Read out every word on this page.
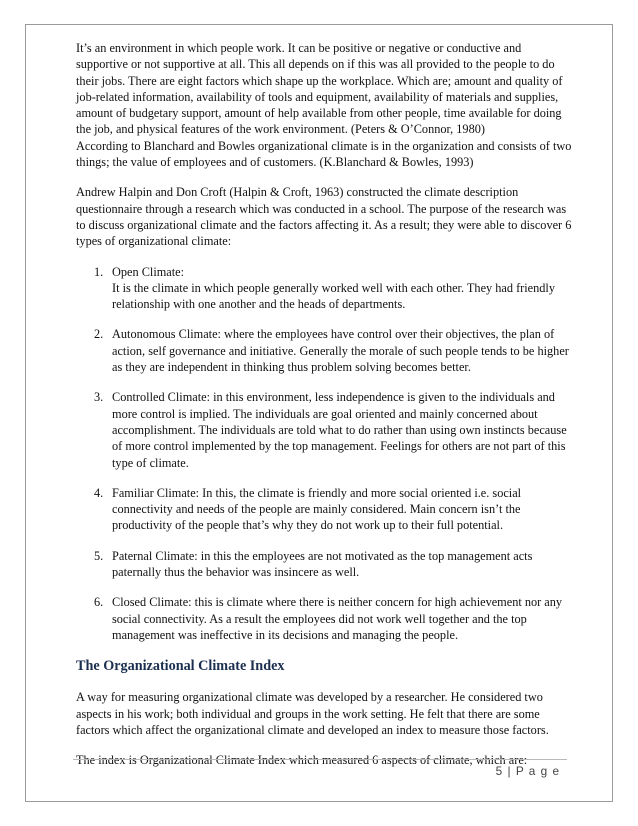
It’s an environment in which people work. It can be positive or negative or conductive and supportive or not supportive at all. This all depends on if this was all provided to the people to do their jobs. There are eight factors which shape up the workplace. Which are; amount and quality of job-related information, availability of tools and equipment, availability of materials and supplies, amount of budgetary support, amount of help available from other people, time available for doing the job, and physical features of the work environment. (Peters & O’Connor, 1980)

According to Blanchard and Bowles organizational climate is in the organization and consists of two things; the value of employees and of customers. (K.Blanchard & Bowles, 1993)

Andrew Halpin and Don Croft (Halpin & Croft, 1963) constructed the climate description questionnaire through a research which was conducted in a school. The purpose of the research was to discuss organizational climate and the factors affecting it. As a result; they were able to discover 6 types of organizational climate:

1. Open Climate:
It is the climate in which people generally worked well with each other. They had friendly relationship with one another and the heads of departments.
2. Autonomous Climate: where the employees have control over their objectives, the plan of action, self governance and initiative. Generally the morale of such people tends to be higher as they are independent in thinking thus problem solving becomes better.
3. Controlled Climate: in this environment, less independence is given to the individuals and more control is implied. The individuals are goal oriented and mainly concerned about accomplishment. The individuals are told what to do rather than using own instincts because of more control implemented by the top management. Feelings for others are not part of this type of climate.
4. Familiar Climate: In this, the climate is friendly and more social oriented i.e. social connectivity and needs of the people are mainly considered. Main concern isn’t the productivity of the people that’s why they do not work up to their full potential.
5. Paternal Climate: in this the employees are not motivated as the top management acts paternally thus the behavior was insincere as well.
6. Closed Climate: this is climate where there is neither concern for high achievement nor any social connectivity. As a result the employees did not work well together and the top management was ineffective in its decisions and managing the people.
The Organizational Climate Index

A way for measuring organizational climate was developed by a researcher. He considered two aspects in his work; both individual and groups in the work setting. He felt that there are some factors which affect the organizational climate and developed an index to measure those factors.

The index is Organizational Climate Index which measured 6 aspects of climate, which are:

5 | P a g e
